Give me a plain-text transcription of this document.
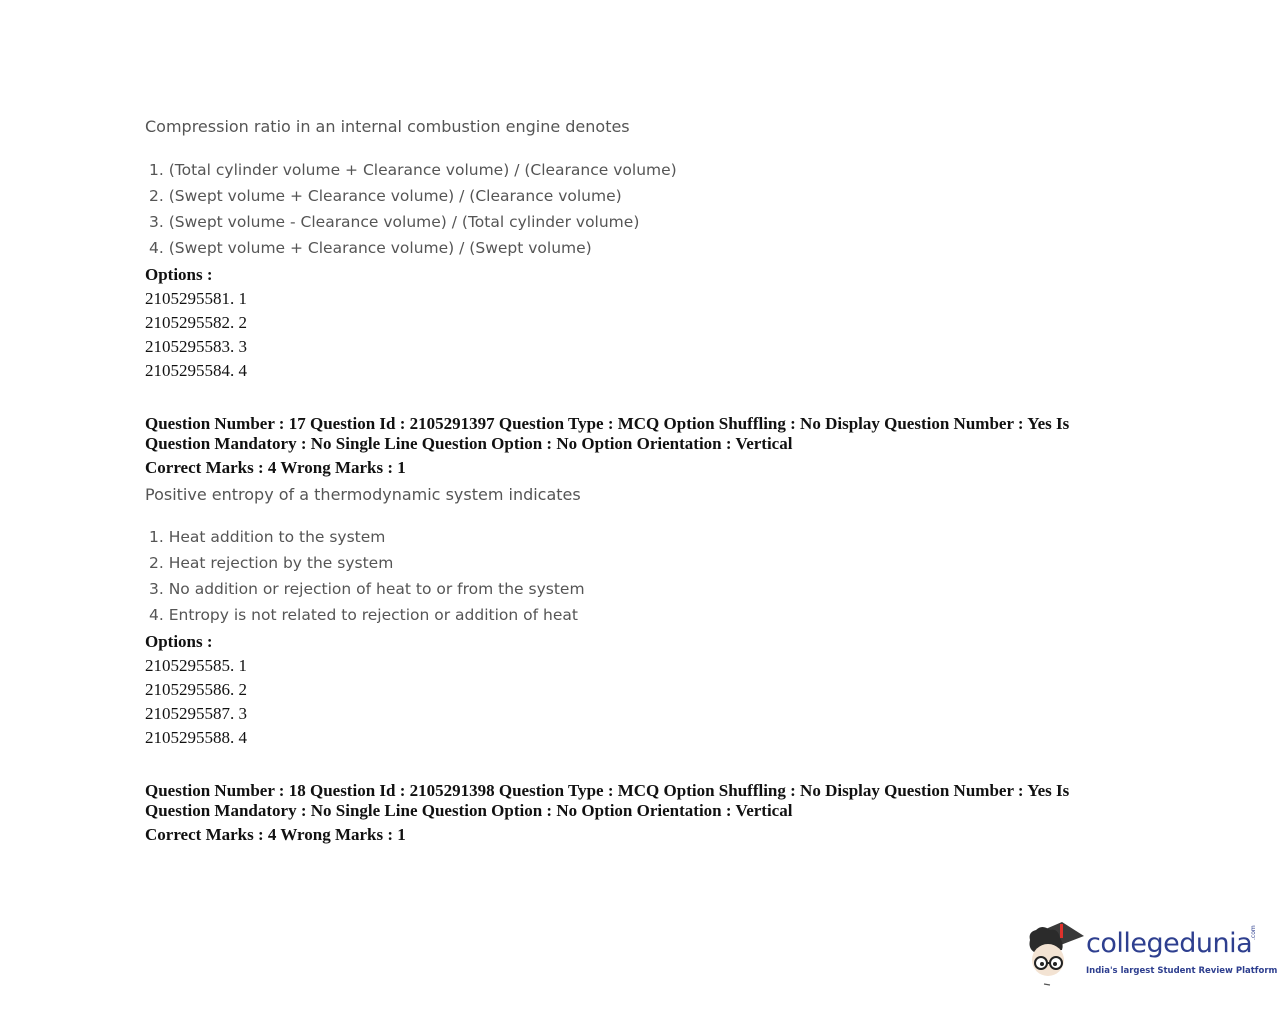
Compression ratio in an internal combustion engine denotes
1. (Total cylinder volume + Clearance volume) / (Clearance volume)
2. (Swept volume + Clearance volume) / (Clearance volume)
3. (Swept volume - Clearance volume) / (Total cylinder volume)
4. (Swept volume + Clearance volume) / (Swept volume)
Options :
2105295581. 1
2105295582. 2
2105295583. 3
2105295584. 4
Question Number : 17 Question Id : 2105291397 Question Type : MCQ Option Shuffling : No Display Question Number : Yes Is
Question Mandatory : No Single Line Question Option : No Option Orientation : Vertical
Correct Marks : 4 Wrong Marks : 1
Positive entropy of a thermodynamic system indicates
1. Heat addition to the system
2. Heat rejection by the system
3. No addition or rejection of heat to or from the system
4. Entropy is not related to rejection or addition of heat
Options :
2105295585. 1
2105295586. 2
2105295587. 3
2105295588. 4
Question Number : 18 Question Id : 2105291398 Question Type : MCQ Option Shuffling : No Display Question Number : Yes Is
Question Mandatory : No Single Line Question Option : No Option Orientation : Vertical
Correct Marks : 4 Wrong Marks : 1
collegedunia
.com
India's largest Student Review Platform
